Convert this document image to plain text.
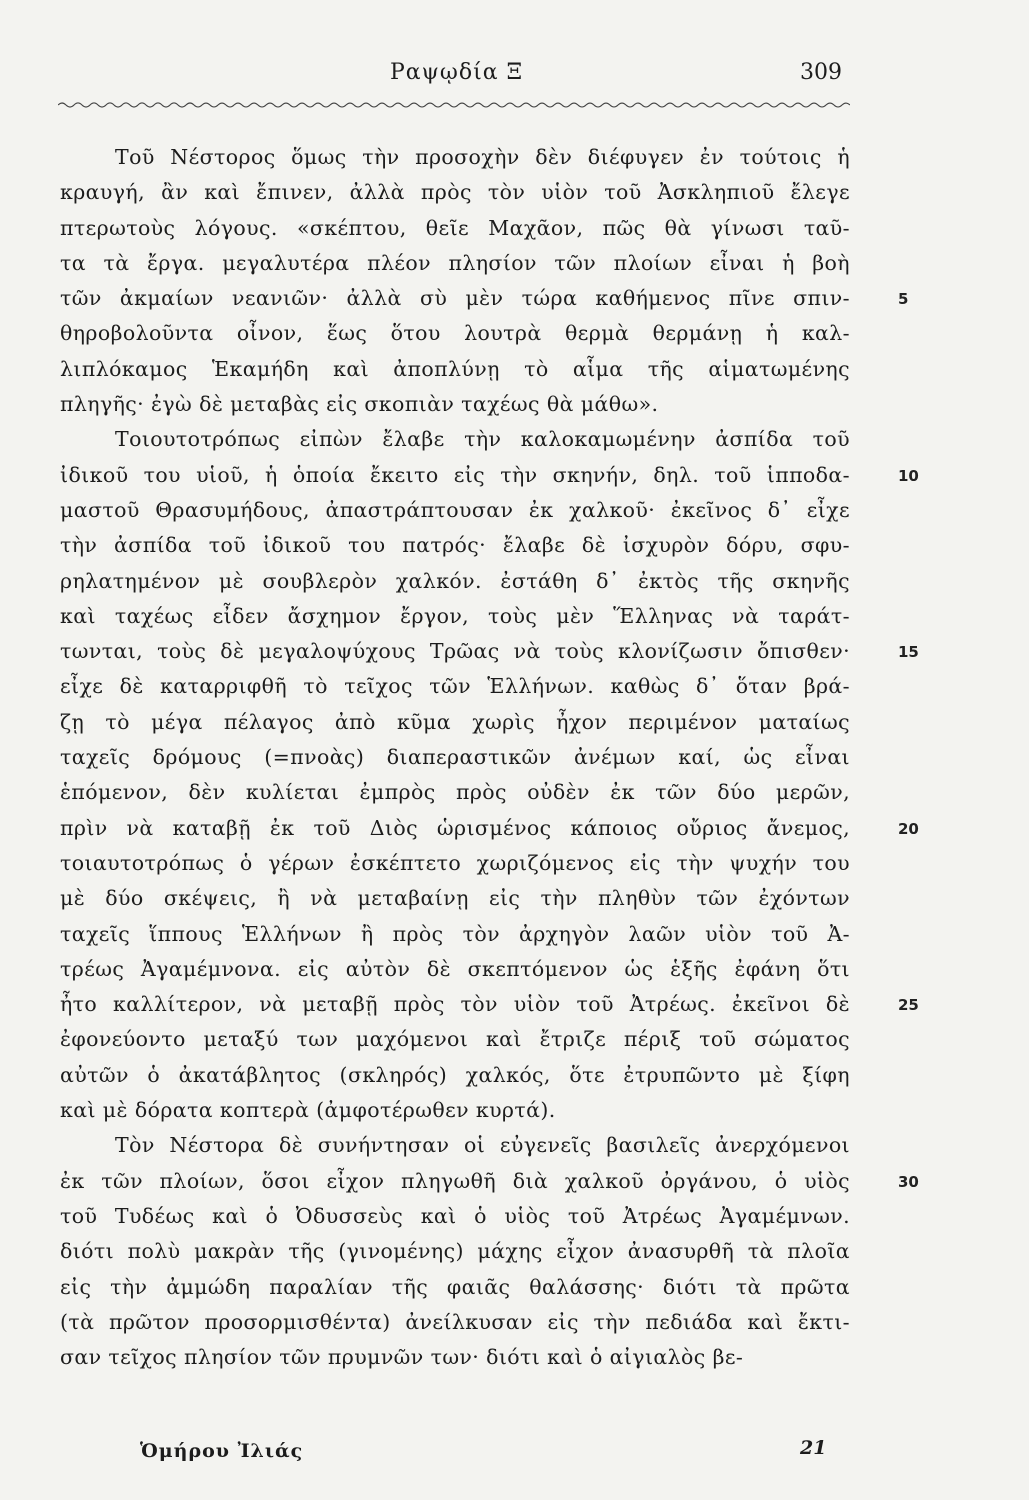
Ραψῳδία Ξ	309
Τοῦ Νέστορος ὅμως τὴν προσοχὴν δὲν διέφυγεν ἐν τούτοις ἡ
κραυγή, ἂν καὶ ἔπινεν, ἀλλὰ πρὸς τὸν υἱὸν τοῦ Ἀσκληπιοῦ ἔλεγε
πτερωτοὺς λόγους. «σκέπτου, θεῖε Μαχᾶον, πῶς θὰ γίνωσι ταῦ-
τα τὰ ἔργα. μεγαλυτέρα πλέον πλησίον τῶν πλοίων εἶναι ἡ βοὴ
τῶν ἀκμαίων νεανιῶν· ἀλλὰ σὺ μὲν τώρα καθήμενος πῖνε σπιν-
θηροβολοῦντα οἶνον, ἕως ὅτου λουτρὰ θερμὰ θερμάνῃ ἡ καλ-
λιπλόκαμος Ἑκαμήδη καὶ ἀποπλύνῃ τὸ αἷμα τῆς αἱματωμένης
πληγῆς· ἐγὼ δὲ μεταβὰς εἰς σκοπιὰν ταχέως θὰ μάθω».
Τοιουτοτρόπως εἰπὼν ἔλαβε τὴν καλοκαμωμένην ἀσπίδα τοῦ
ἰδικοῦ του υἱοῦ, ἡ ὁποία ἔκειτο εἰς τὴν σκηνήν, δηλ. τοῦ ἱπποδα-
μαστοῦ Θρασυμήδους, ἀπαστράπτουσαν ἐκ χαλκοῦ· ἐκεῖνος δ᾽ εἶχε
τὴν ἀσπίδα τοῦ ἰδικοῦ του πατρός· ἔλαβε δὲ ἰσχυρὸν δόρυ, σφυ-
ρηλατημένον μὲ σουβλερὸν χαλκόν. ἐστάθη δ᾽ ἐκτὸς τῆς σκηνῆς
καὶ ταχέως εἶδεν ἄσχημον ἔργον, τοὺς μὲν Ἕλληνας νὰ ταράτ-
τωνται, τοὺς δὲ μεγαλοψύχους Τρῶας νὰ τοὺς κλονίζωσιν ὄπισθεν·
εἶχε δὲ καταρριφθῆ τὸ τεῖχος τῶν Ἑλλήνων. καθὼς δ᾽ ὅταν βρά-
ζῃ τὸ μέγα πέλαγος ἀπὸ κῦμα χωρὶς ἦχον περιμένον ματαίως
ταχεῖς δρόμους (=πνοὰς) διαπεραστικῶν ἀνέμων καί, ὡς εἶναι
ἑπόμενον, δὲν κυλίεται ἐμπρὸς πρὸς οὐδὲν ἐκ τῶν δύο μερῶν,
πρὶν νὰ καταβῇ ἐκ τοῦ Διὸς ὡρισμένος κάποιος οὔριος ἄνεμος,
τοιαυτοτρόπως ὁ γέρων ἐσκέπτετο χωριζόμενος εἰς τὴν ψυχήν του
μὲ δύο σκέψεις, ἢ νὰ μεταβαίνῃ εἰς τὴν πληθὺν τῶν ἐχόντων
ταχεῖς ἵππους Ἑλλήνων ἢ πρὸς τὸν ἀρχηγὸν λαῶν υἱὸν τοῦ Ἀ-
τρέως Ἀγαμέμνονα. εἰς αὐτὸν δὲ σκεπτόμενον ὡς ἑξῆς ἐφάνη ὅτι
ἦτο καλλίτερον, νὰ μεταβῇ πρὸς τὸν υἱὸν τοῦ Ἀτρέως. ἐκεῖνοι δὲ
ἐφονεύοντο μεταξύ των μαχόμενοι καὶ ἔτριζε πέριξ τοῦ σώματος
αὐτῶν ὁ ἀκατάβλητος (σκληρός) χαλκός, ὅτε ἐτρυπῶντο μὲ ξίφη
καὶ μὲ δόρατα κοπτερὰ (ἀμφοτέρωθεν κυρτά).
Τὸν Νέστορα δὲ συνήντησαν οἱ εὐγενεῖς βασιλεῖς ἀνερχόμενοι
ἐκ τῶν πλοίων, ὅσοι εἶχον πληγωθῆ διὰ χαλκοῦ ὀργάνου, ὁ υἱὸς
τοῦ Τυδέως καὶ ὁ Ὀδυσσεὺς καὶ ὁ υἱὸς τοῦ Ἀτρέως Ἀγαμέμνων.
διότι πολὺ μακρὰν τῆς (γινομένης) μάχης εἶχον ἀνασυρθῆ τὰ πλοῖα
εἰς τὴν ἀμμώδη παραλίαν τῆς φαιᾶς θαλάσσης· διότι τὰ πρῶτα
(τὰ πρῶτον προσορμισθέντα) ἀνείλκυσαν εἰς τὴν πεδιάδα καὶ ἔκτι-
σαν τεῖχος πλησίον τῶν πρυμνῶν των· διότι καὶ ὁ αἰγιαλὸς βε-
5
10
15
20
25
30
Ὁμήρου Ἰλιάς	21
